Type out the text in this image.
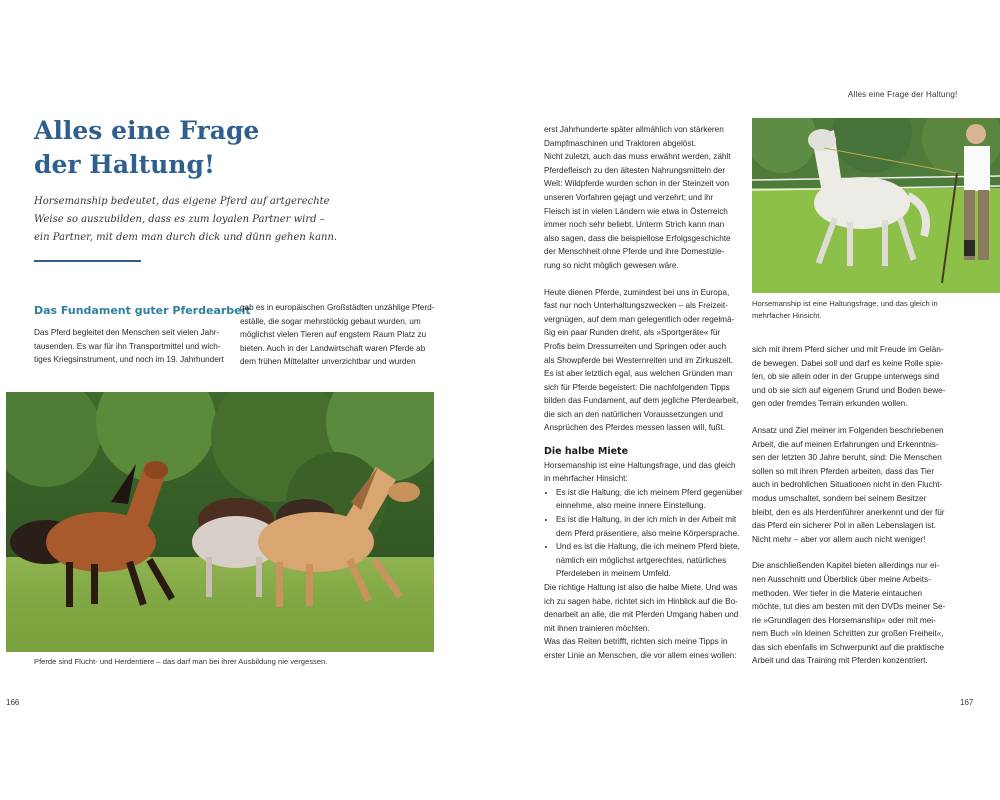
Alles eine Frage der Haltung!
Alles eine Frage
der Haltung!
Horsemanship bedeutet, das eigene Pferd auf artgerechte
Weise so auszubilden, dass es zum loyalen Partner wird –
ein Partner, mit dem man durch dick und dünn gehen kann.
Das Fundament guter Pferdearbeit

Das Pferd begleitet den Menschen seit vielen Jahr-

tausenden. Es war für ihn Transportmittel und wich-

tiges Kriegsinstrument, und noch im 19. Jahrhundert

gab es in europäischen Großstädten unzählige Pferd-

eställe, die sogar mehrstöckig gebaut wurden, um

möglichst vielen Tieren auf engstem Raum Platz zu

bieten. Auch in der Landwirtschaft waren Pferde ab

dem frühen Mittelalter unverzichtbar und wurden

Pferde sind Flucht- und Herdentiere – das darf man bei ihrer Ausbildung nie vergessen.
166

erst Jahrhunderte später allmählich von stärkeren

Dampfmaschinen und Traktoren abgelöst.

Nicht zuletzt, auch das muss erwähnt werden, zählt

Pferdefleisch zu den ältesten Nahrungsmitteln der

Welt: Wildpferde wurden schon in der Steinzeit von

unseren Vorfahren gejagt und verzehrt; und ihr

Fleisch ist in vielen Ländern wie etwa in Österreich

immer noch sehr beliebt. Unterm Strich kann man

also sagen, dass die beispiellose Erfolgsgeschichte

der Menschheit ohne Pferde und ihre Domestizie-

rung so nicht möglich gewesen wäre.

Heute dienen Pferde, zumindest bei uns in Europa,

fast nur noch Unterhaltungszwecken – als Freizeit-

vergnügen, auf dem man gelegentlich oder regelmä-

ßig ein paar Runden dreht, als »Sportgeräte« für

Profis beim Dressurreiten und Springen oder auch

als Showpferde bei Westernreiten und im Zirkuszelt.

Es ist aber letztlich egal, aus welchen Gründen man

sich für Pferde begeistert: Die nachfolgenden Tipps

bilden das Fundament, auf dem jegliche Pferdearbeit,

die sich an den natürlichen Voraussetzungen und

Ansprüchen des Pferdes messen lassen will, fußt.

Die halbe Miete

Horsemanship ist eine Haltungsfrage, und das gleich

in mehrfacher Hinsicht:

• Es ist die Haltung, die ich meinem Pferd gegenüber
einnehme, also meine innere Einstellung.
• Es ist die Haltung, in der ich mich in der Arbeit mit
dem Pferd präsentiere, also meine Körpersprache.
• Und es ist die Haltung, die ich meinem Pferd biete,
nämlich ein möglichst artgerechtes, natürliches
Pferdeleben in meinem Umfeld.

Die richtige Haltung ist also die halbe Miete. Und was

ich zu sagen habe, richtet sich im Hinblick auf die Bo-

denarbeit an alle, die mit Pferden Umgang haben und

mit ihnen trainieren möchten.

Was das Reiten betrifft, richten sich meine Tipps in

erster Linie an Menschen, die vor allem eines wollen:

Horsemanship ist eine Haltungsfrage, und das gleich in
mehrfacher Hinsicht.

sich mit ihrem Pferd sicher und mit Freude im Gelän-

de bewegen. Dabei soll und darf es keine Rolle spie-

len, ob sie allein oder in der Gruppe unterwegs sind

und ob sie sich auf eigenem Grund und Boden bewe-

gen oder fremdes Terrain erkunden wollen.

Ansatz und Ziel meiner im Folgenden beschriebenen

Arbeit, die auf meinen Erfahrungen und Erkenntnis-

sen der letzten 30 Jahre beruht, sind: Die Menschen

sollen so mit ihren Pferden arbeiten, dass das Tier

auch in bedrohlichen Situationen nicht in den Flucht-

modus umschaltet, sondern bei seinem Besitzer

bleibt, den es als Herdenführer anerkennt und der für

das Pferd ein sicherer Pol in allen Lebenslagen ist.

Nicht mehr – aber vor allem auch nicht weniger!

Die anschließenden Kapitel bieten allerdings nur ei-

nen Ausschnitt und Überblick über meine Arbeits-

methoden. Wer tiefer in die Materie eintauchen

möchte, tut dies am besten mit den DVDs meiner Se-

rie »Grundlagen des Horsemanship« oder mit mei-

nem Buch »In kleinen Schritten zur großen Freiheit«,

das sich ebenfalls im Schwerpunkt auf die praktische

Arbeit und das Training mit Pferden konzentriert.

167
